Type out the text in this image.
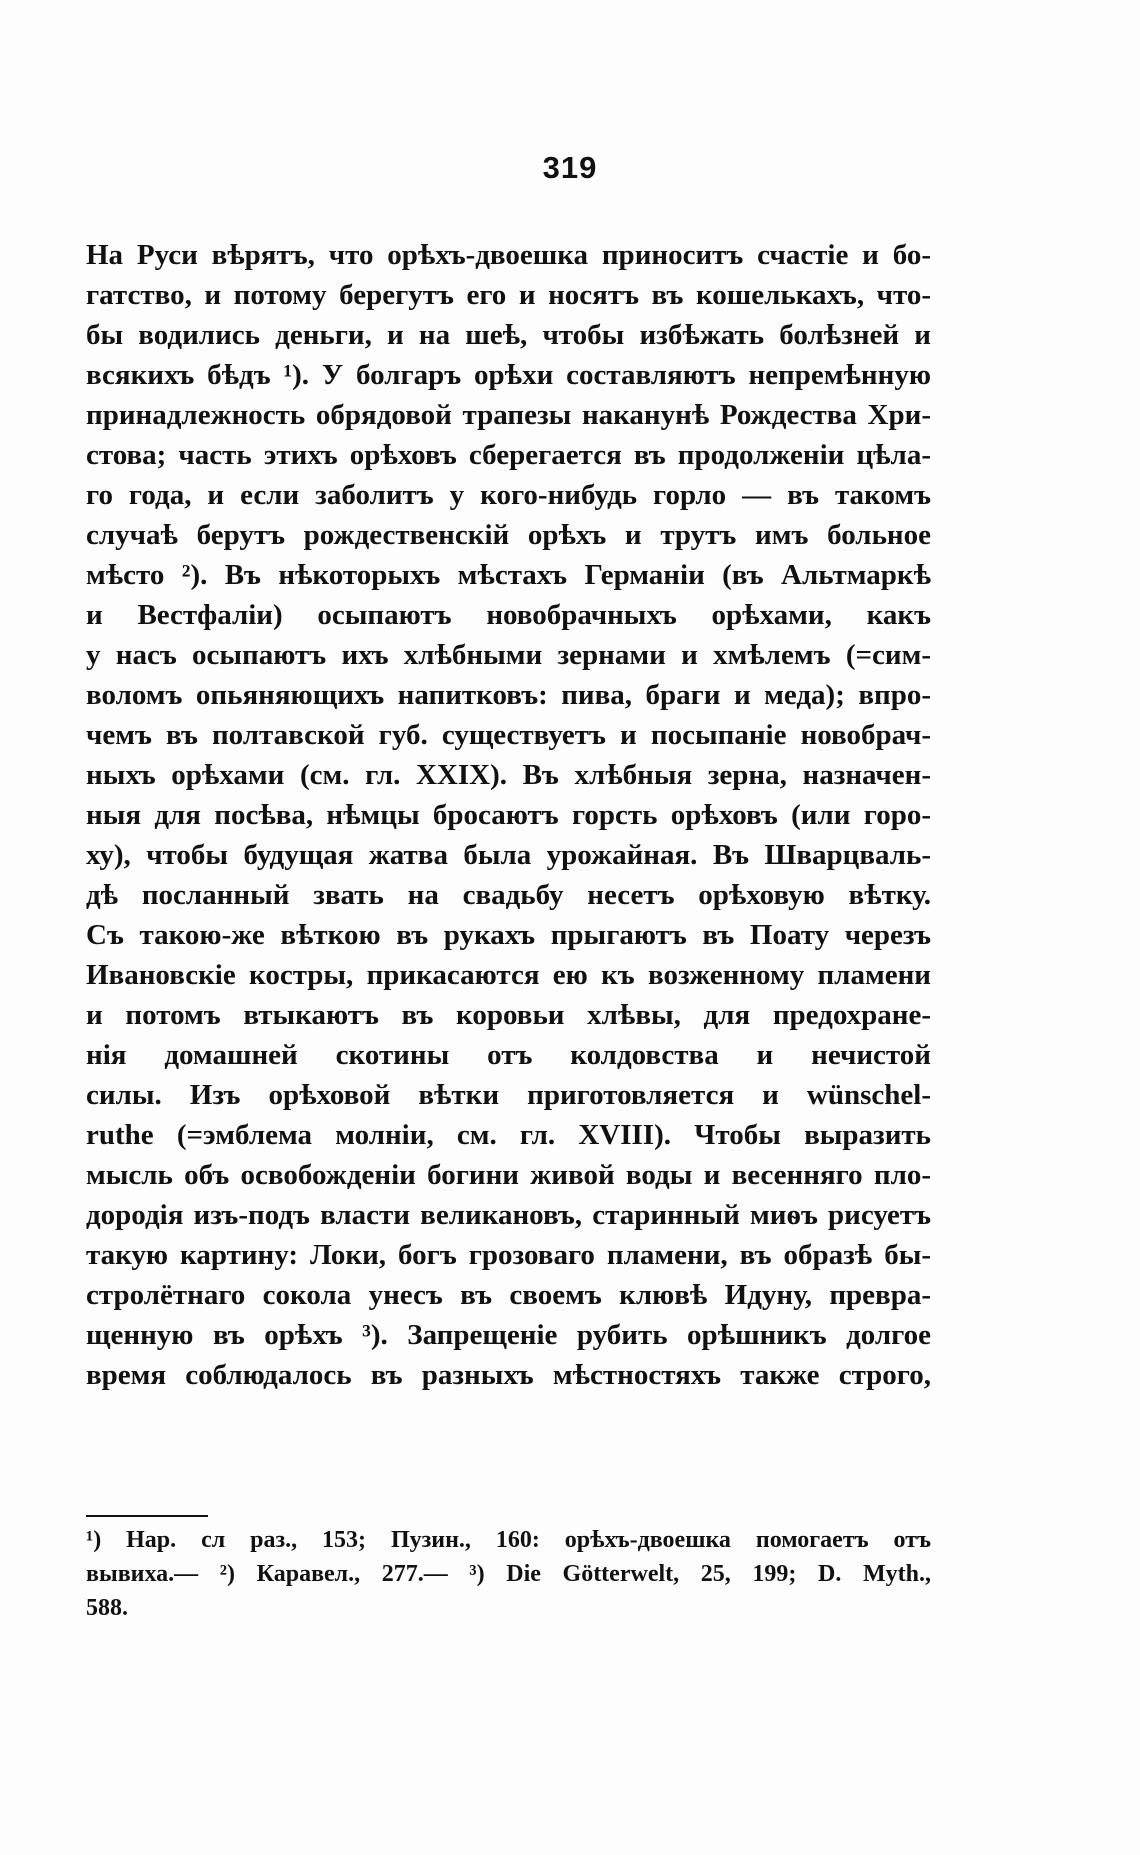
319
На Руси вѣрятъ, что орѣхъ-двоешка приноситъ счастіе и бо-
гатство, и потому берегутъ его и носятъ въ кошелькахъ, что-
бы водились деньги, и на шеѣ, чтобы избѣжать болѣзней и
всякихъ бѣдъ ¹). У болгаръ орѣхи составляютъ непремѣнную
принадлежность обрядовой трапезы наканунѣ Рождества Хри-
стова; часть этихъ орѣховъ сберегается въ продолженіи цѣла-
го года, и если заболитъ у кого-нибудь горло — въ такомъ
случаѣ берутъ рождественскій орѣхъ и трутъ имъ больное
мѣсто ²). Въ нѣкоторыхъ мѣстахъ Германіи (въ Альтмаркѣ
и Вестфаліи) осыпаютъ новобрачныхъ орѣхами, какъ
у насъ осыпаютъ ихъ хлѣбными зернами и хмѣлемъ (=сим-
воломъ опьяняющихъ напитковъ: пива, браги и меда); впро-
чемъ въ полтавской губ. существуетъ и посыпаніе новобрач-
ныхъ орѣхами (см. гл. XXIX). Въ хлѣбныя зерна, назначен-
ныя для посѣва, нѣмцы бросаютъ горсть орѣховъ (или горо-
ху), чтобы будущая жатва была урожайная. Въ Шварцваль-
дѣ посланный звать на свадьбу несетъ орѣховую вѣтку.
Съ такою-же вѣткою въ рукахъ прыгаютъ въ Поату черезъ
Ивановскіе костры, прикасаются ею къ возженному пламени
и потомъ втыкаютъ въ коровьи хлѣвы, для предохране-
нія домашней скотины отъ колдовства и нечистой
силы. Изъ орѣховой вѣтки приготовляется и wünschel-
ruthe (=эмблема молніи, см. гл. XVIII). Чтобы выразить
мысль объ освобожденіи богини живой воды и весенняго пло-
дородія изъ-подъ власти великановъ, старинный миѳъ рисуетъ
такую картину: Локи, богъ грозоваго пламени, въ образѣ бы-
стролётнаго сокола унесъ въ своемъ клювѣ Идуну, превра-
щенную въ орѣхъ ³). Запрещеніе рубить орѣшникъ долгое
время соблюдалось въ разныхъ мѣстностяхъ также строго,
¹) Нар. сл раз., 153; Пузин., 160: орѣхъ-двоешка помогаетъ отъ
вывиха.— ²) Каравел., 277.— ³) Die Götterwelt, 25, 199; D. Myth.,
588.
